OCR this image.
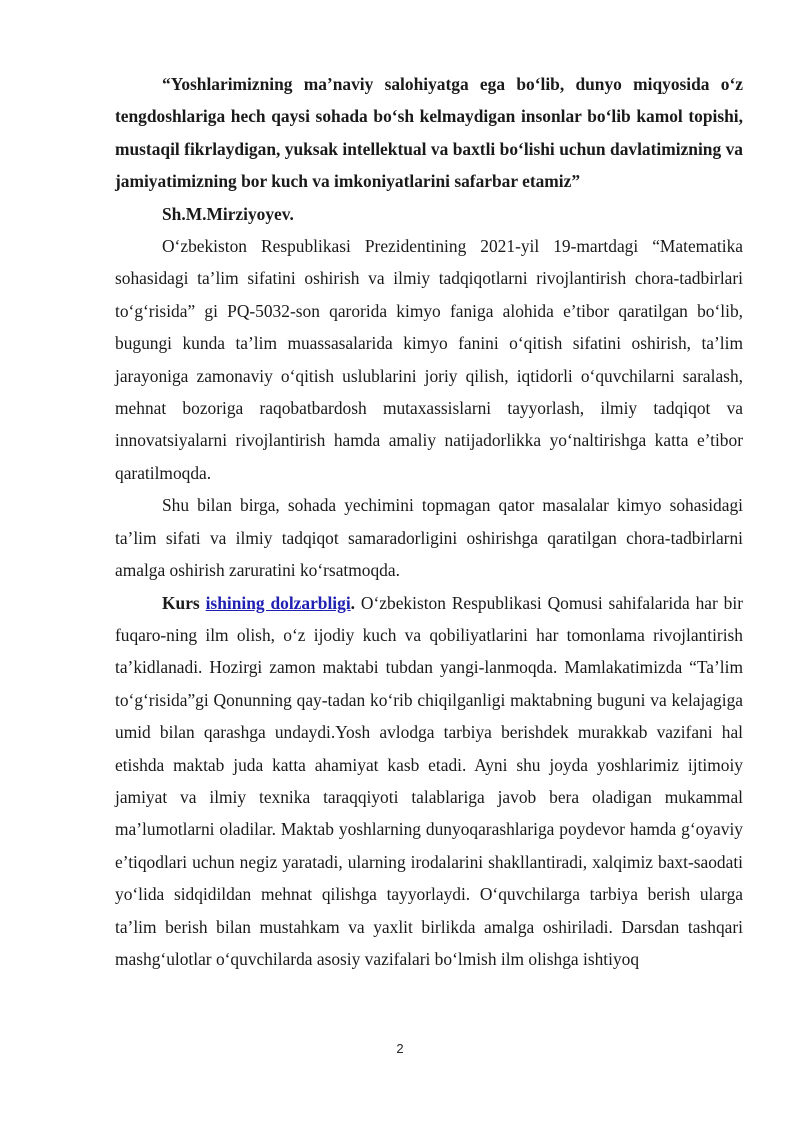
“Yoshlarimizning ma’naviy salohiyatga ega bo‘lib, dunyo miqyosida o‘z tengdoshlariga hech qaysi sohada bo‘sh kelmaydigan insonlar bo‘lib kamol topishi, mustaqil fikrlaydigan, yuksak intellektual va baxtli bo‘lishi uchun davlatimizning va jamiyatimizning bor kuch va imkoniyatlarini safarbar etamiz”

Sh.M.Mirziyoyev.

O‘zbekiston Respublikasi Prezidentining 2021-yil 19-martdagi “Matematika sohasidagi ta’lim sifatini oshirish va ilmiy tadqiqotlarni rivojlantirish chora-tadbirlari to‘g‘risida” gi PQ-5032-son qarorida kimyo faniga alohida e’tibor qaratilgan bo‘lib, bugungi kunda ta’lim muassasalarida kimyo fanini o‘qitish sifatini oshirish, ta’lim jarayoniga zamonaviy o‘qitish uslublarini joriy qilish, iqtidorli o‘quvchilarni saralash, mehnat bozoriga raqobatbardosh mutaxassislarni tayyorlash, ilmiy tadqiqot va innovatsiyalarni rivojlantirish hamda amaliy natijadorlikka yo‘naltirishga katta e’tibor qaratilmoqda.

Shu bilan birga, sohada yechimini topmagan qator masalalar kimyo sohasidagi ta’lim sifati va ilmiy tadqiqot samaradorligini oshirishga qaratilgan chora-tadbirlarni amalga oshirish zaruratini ko‘rsatmoqda.

Kurs ishining dolzarbligi. O‘zbekiston Respublikasi Qomusi sahifalarida har bir fuqaro-ning ilm olish, o‘z ijodiy kuch va qobiliyatlarini har tomonlama rivojlantirish ta’kidlanadi. Hozirgi zamon maktabi tubdan yangi-lanmoqda. Mamlakatimizda “Ta’lim to‘g‘risida”gi Qonunning qay-tadan ko‘rib chiqilganligi maktabning buguni va kelajagiga umid bilan qarashga undaydi.Yosh avlodga tarbiya berishdek murakkab vazifani hal etishda maktab juda katta ahamiyat kasb etadi. Ayni shu joyda yoshlarimiz ijtimoiy jamiyat va ilmiy texnika taraqqiyoti talablariga javob bera oladigan mukammal ma’lumotlarni oladilar. Maktab yoshlarning dunyoqarashlariga poydevor hamda g‘oyaviy e’tiqodlari uchun negiz yaratadi, ularning irodalarini shakllantiradi, xalqimiz baxt-saodati yo‘lida sidqidildan mehnat qilishga tayyorlaydi. O‘quvchilarga tarbiya berish ularga ta’lim berish bilan mustahkam va yaxlit birlikda amalga oshiriladi. Darsdan tashqari mashg‘ulotlar o‘quvchilarda asosiy vazifalari bo‘lmish ilm olishga ishtiyoq

2
